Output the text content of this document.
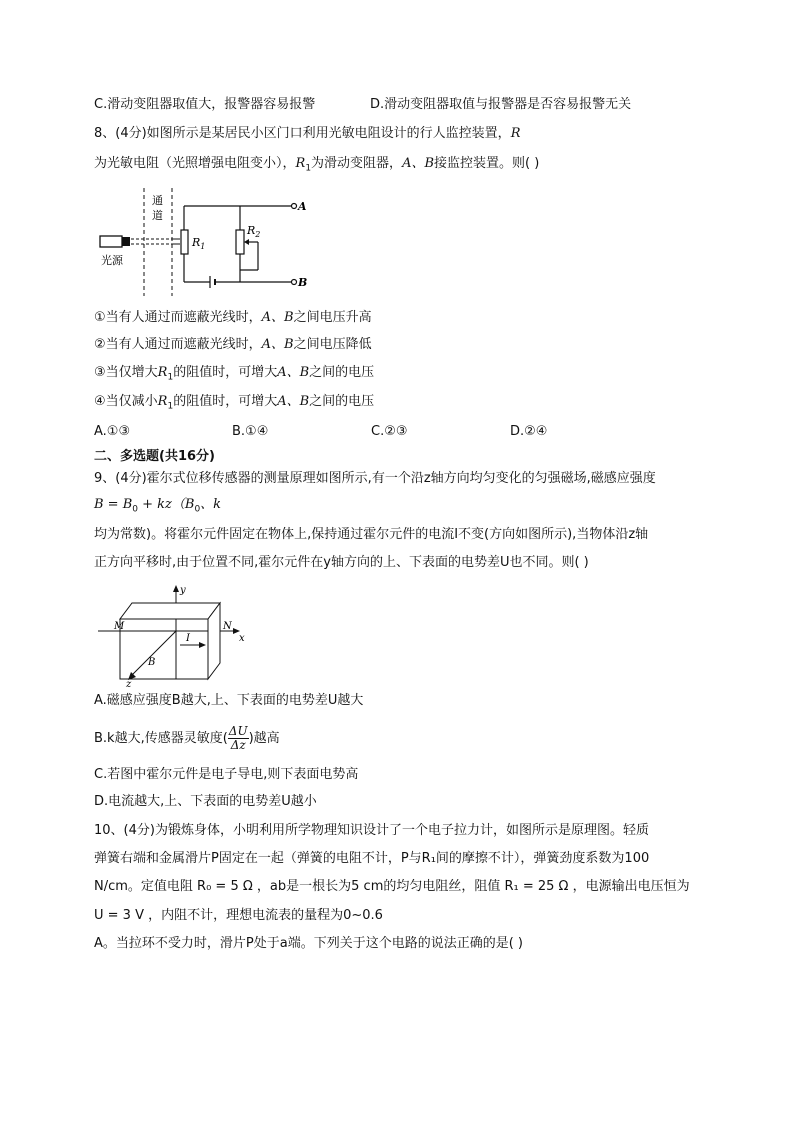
C.滑动变阻器取值大，报警器容易报警	D.滑动变阻器取值与报警器是否容易报警无关
8、(4分)如图所示是某居民小区门口利用光敏电阻设计的行人监控装置，R
为光敏电阻（光照增强电阻变小），$R_1$为滑动变阻器，A、B接监控装置。则( )
光源
通
道
$R_1$
$R_2$
A
B
①当有人通过而遮蔽光线时，A、B之间电压升高
②当有人通过而遮蔽光线时，A、B之间电压降低
③当仅增大$R_1$的阻值时，可增大A、B之间的电压
④当仅减小$R_1$的阻值时，可增大A、B之间的电压
A.①③	B.①④	C.②③	D.②④
二、多选题(共16分)
9、(4分)霍尔式位移传感器的测量原理如图所示,有一个沿z轴方向均匀变化的匀强磁场,磁感应强度
$B = B_0 + kz(B_0$、k
均为常数)。将霍尔元件固定在物体上,保持通过霍尔元件的电流I不变(方向如图所示),当物体沿z轴
正方向平移时,由于位置不同,霍尔元件在y轴方向的上、下表面的电势差U也不同。则( )
y
x
z
I
M	N
B
A.磁感应强度B越大,上、下表面的电势差U越大
B.k越大,传感器灵敏度( $\frac{\Delta U}{\Delta z}$ )越高
C.若图中霍尔元件是电子导电,则下表面电势高
D.电流越大,上、下表面的电势差U越小
10、(4分)为锻炼身体，小明利用所学物理知识设计了一个电子拉力计，如图所示是原理图。轻质
弹簧右端和金属滑片P固定在一起（弹簧的电阻不计，P与R₁间的摩擦不计），弹簧劲度系数为100
N/cm。定值电阻 R₀ = 5 Ω ，ab是一根长为5 cm的均匀电阻丝，阻值 R₁ = 25 Ω ，电源输出电压恒为
U = 3 V ，内阻不计，理想电流表的量程为0~0.6
A。当拉环不受力时，滑片P处于a端。下列关于这个电路的说法正确的是( )
